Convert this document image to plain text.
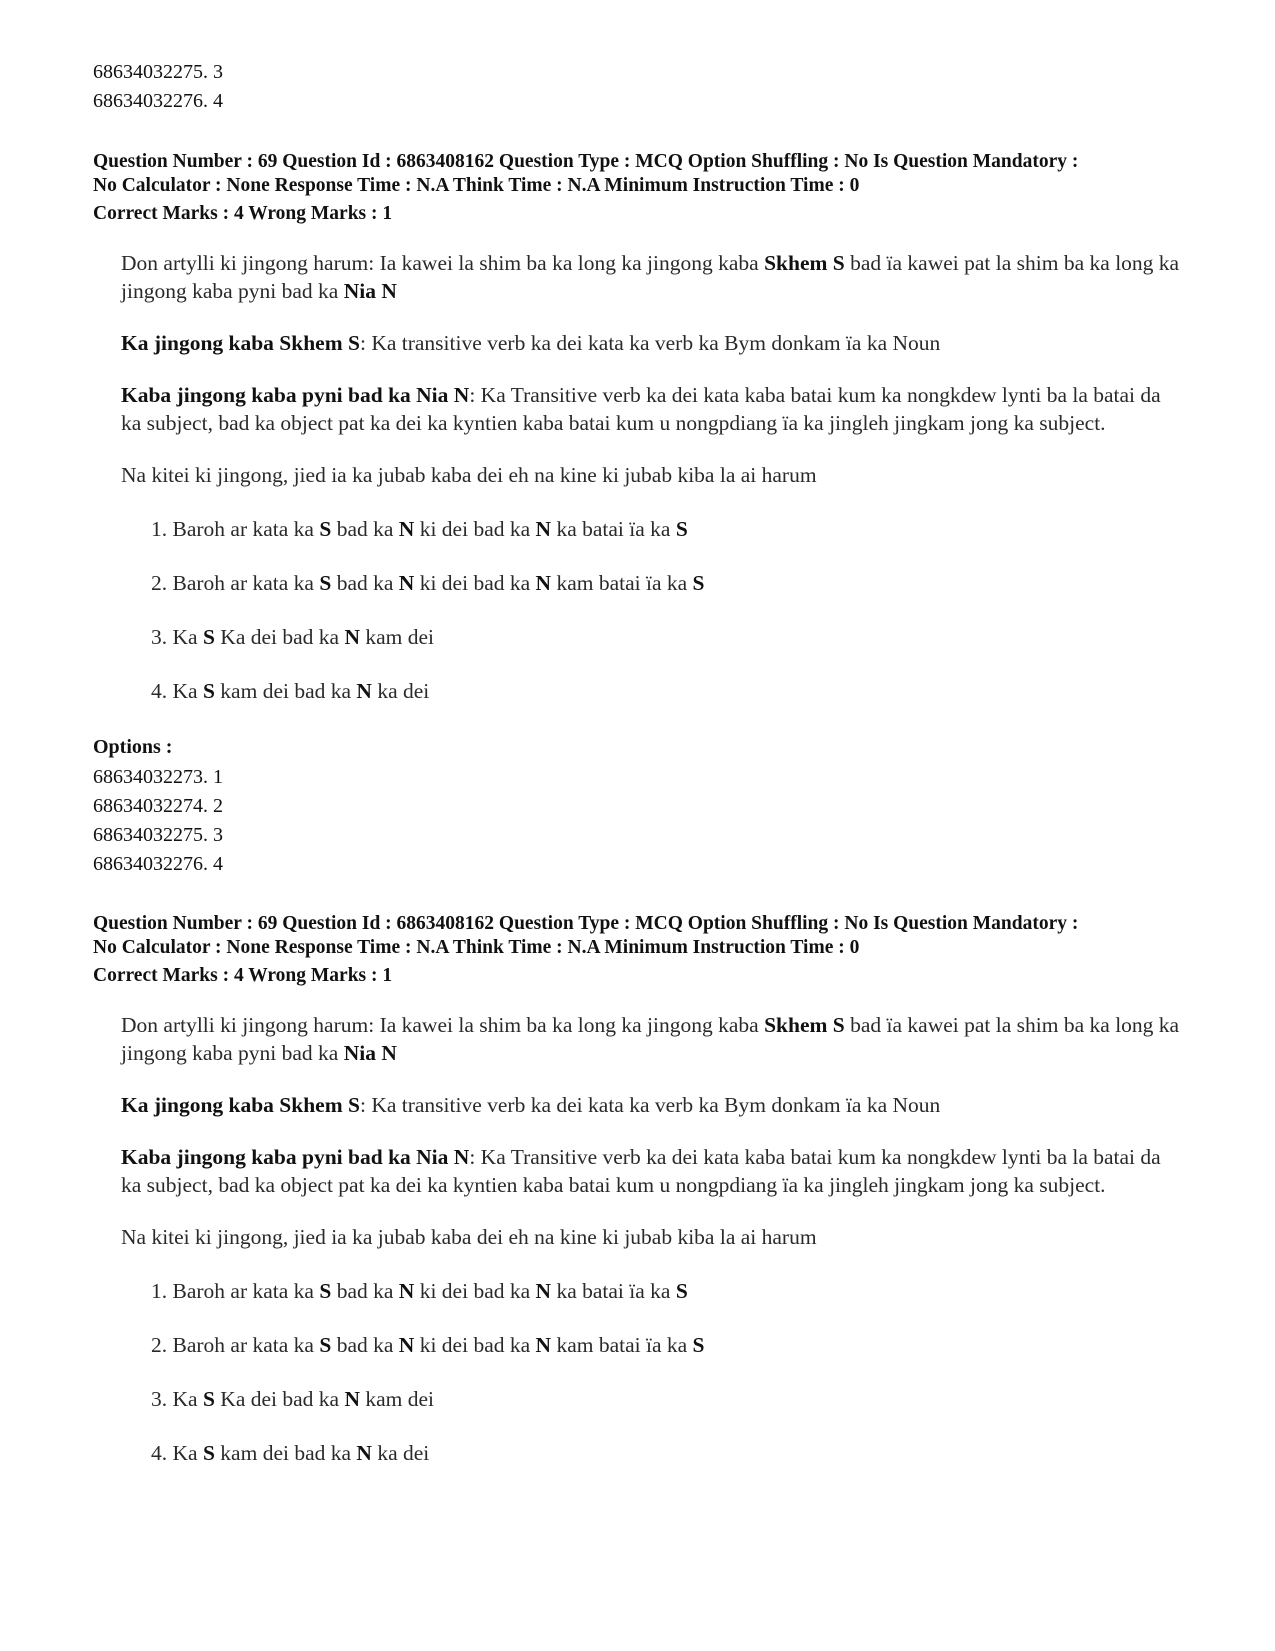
68634032275. 3
68634032276. 4
Question Number : 69 Question Id : 6863408162 Question Type : MCQ Option Shuffling : No Is Question Mandatory :
No Calculator : None Response Time : N.A Think Time : N.A Minimum Instruction Time : 0
Correct Marks : 4 Wrong Marks : 1

Don artylli ki jingong harum: Ia kawei la shim ba ka long ka jingong kaba Skhem S bad ïa kawei pat la shim ba ka long ka jingong kaba pyni bad ka Nia N

Ka jingong kaba Skhem S: Ka transitive verb ka dei kata ka verb ka Bym donkam ïa ka Noun

Kaba jingong kaba pyni bad ka Nia N: Ka Transitive verb ka dei kata kaba batai kum ka nongkdew lynti ba la batai da ka subject, bad ka object pat ka dei ka kyntien kaba batai kum u nongpdiang ïa ka jingleh jingkam jong ka subject.

Na kitei ki jingong, jied ia ka jubab kaba dei eh na kine ki jubab kiba la ai harum

1. Baroh ar kata ka S bad ka N ki dei bad ka N ka batai ïa ka S
2. Baroh ar kata ka S bad ka N ki dei bad ka N kam batai ïa ka S
3. Ka S Ka dei bad ka N kam dei
4. Ka S kam dei bad ka N ka dei
Options :
68634032273. 1
68634032274. 2
68634032275. 3
68634032276. 4
Question Number : 69 Question Id : 6863408162 Question Type : MCQ Option Shuffling : No Is Question Mandatory :
No Calculator : None Response Time : N.A Think Time : N.A Minimum Instruction Time : 0
Correct Marks : 4 Wrong Marks : 1

Don artylli ki jingong harum: Ia kawei la shim ba ka long ka jingong kaba Skhem S bad ïa kawei pat la shim ba ka long ka jingong kaba pyni bad ka Nia N

Ka jingong kaba Skhem S: Ka transitive verb ka dei kata ka verb ka Bym donkam ïa ka Noun

Kaba jingong kaba pyni bad ka Nia N: Ka Transitive verb ka dei kata kaba batai kum ka nongkdew lynti ba la batai da ka subject, bad ka object pat ka dei ka kyntien kaba batai kum u nongpdiang ïa ka jingleh jingkam jong ka subject.

Na kitei ki jingong, jied ia ka jubab kaba dei eh na kine ki jubab kiba la ai harum

1. Baroh ar kata ka S bad ka N ki dei bad ka N ka batai ïa ka S
2. Baroh ar kata ka S bad ka N ki dei bad ka N kam batai ïa ka S
3. Ka S Ka dei bad ka N kam dei
4. Ka S kam dei bad ka N ka dei
